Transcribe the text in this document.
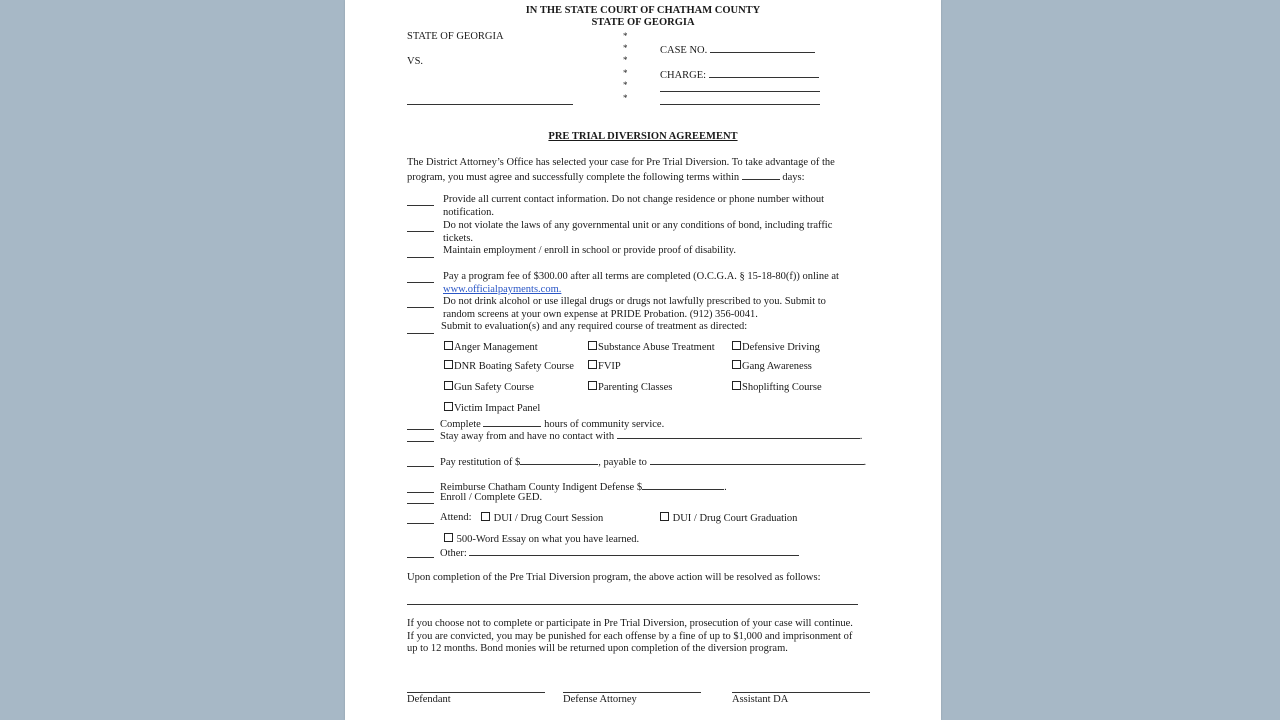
IN THE STATE COURT OF CHATHAM COUNTY
STATE OF GEORGIA
STATE OF GEORGIA
VS.
*
*
*
*
*
*
CASE NO.
CHARGE:
PRE TRIAL DIVERSION AGREEMENT
The District Attorney’s Office has selected your case for Pre Trial Diversion. To take advantage of the
program, you must agree and successfully complete the following terms within	days:
Provide all current contact information. Do not change residence or phone number without
notification.
Do not violate the laws of any governmental unit or any conditions of bond, including traffic
tickets.
Maintain employment / enroll in school or provide proof of disability.
Pay a program fee of $300.00 after all terms are completed (O.C.G.A. § 15-18-80(f)) online at
www.officialpayments.com.
Do not drink alcohol or use illegal drugs or drugs not lawfully prescribed to you. Submit to
random screens at your own expense at PRIDE Probation. (912) 356-0041.
Submit to evaluation(s) and any required course of treatment as directed:
Anger Management	Substance Abuse Treatment	Defensive Driving
DNR Boating Safety Course	FVIP	Gang Awareness
Gun Safety Course	Parenting Classes	Shoplifting Course
Victim Impact Panel
Complete	hours of community service.
Stay away from and have no contact with	.
Pay restitution of $	, payable to	.
Reimburse Chatham County Indigent Defense $	.
Enroll / Complete GED.
Attend:	DUI / Drug Court Session	DUI / Drug Court Graduation
500-Word Essay on what you have learned.
Other:
Upon completion of the Pre Trial Diversion program, the above action will be resolved as follows:
If you choose not to complete or participate in Pre Trial Diversion, prosecution of your case will continue.
If you are convicted, you may be punished for each offense by a fine of up to $1,000 and imprisonment of
up to 12 months. Bond monies will be returned upon completion of the diversion program.
Defendant	Defense Attorney	Assistant DA
